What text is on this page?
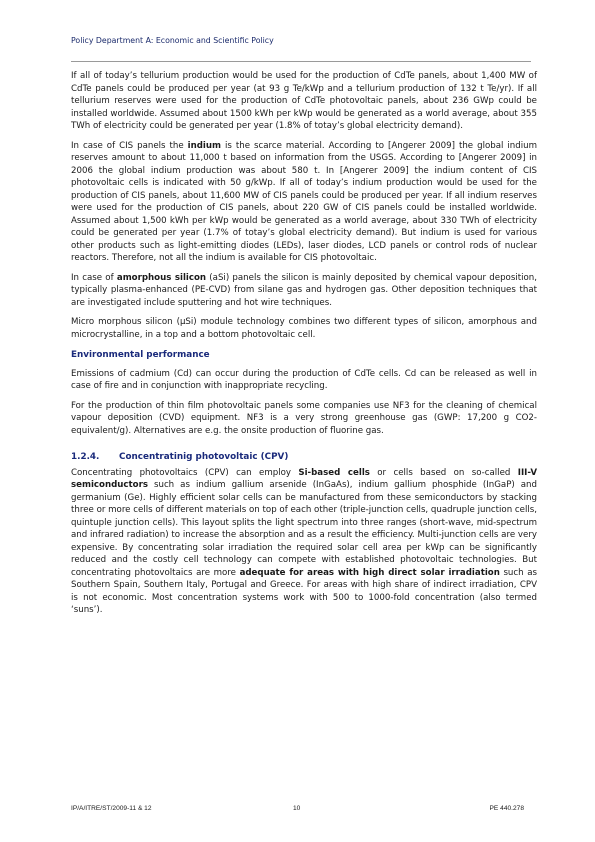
Policy Department A: Economic and Scientific Policy

If all of today’s tellurium production would be used for the production of CdTe panels, about 1,400 MW of CdTe panels could be produced per year (at 93 g Te/kWp and a tellurium production of 132 t Te/yr). If all tellurium reserves were used for the production of CdTe photovoltaic panels, about 236 GWp could be installed worldwide. Assumed about 1500 kWh per kWp would be generated as a world average, about 355 TWh of electricity could be generated per year (1.8% of totay’s global electricity demand).

In case of CIS panels the indium is the scarce material. According to [Angerer 2009] the global indium reserves amount to about 11,000 t based on information from the USGS. According to [Angerer 2009] in 2006 the global indium production was about 580 t. In [Angerer 2009] the indium content of CIS photovoltaic cells is indicated with 50 g/kWp. If all of today’s indium production would be used for the production of CIS panels, about 11,600 MW of CIS panels could be produced per year. If all indium reserves were used for the production of CIS panels, about 220 GW of CIS panels could be installed worldwide. Assumed about 1,500 kWh per kWp would be generated as a world average, about 330 TWh of electricity could be generated per year (1.7% of totay’s global electricity demand). But indium is used for various other products such as light-emitting diodes (LEDs), laser diodes, LCD panels or control rods of nuclear reactors. Therefore, not all the indium is available for CIS photovoltaic.

In case of amorphous silicon (aSi) panels the silicon is mainly deposited by chemical vapour deposition, typically plasma-enhanced (PE-CVD) from silane gas and hydrogen gas. Other deposition techniques that are investigated include sputtering and hot wire techniques.

Micro morphous silicon (μSi) module technology combines two different types of silicon, amorphous and microcrystalline, in a top and a bottom photovoltaic cell.

Environmental performance

Emissions of cadmium (Cd) can occur during the production of CdTe cells. Cd can be released as well in case of fire and in conjunction with inappropriate recycling.

For the production of thin film photovoltaic panels some companies use NF3 for the cleaning of chemical vapour deposition (CVD) equipment. NF3 is a very strong greenhouse gas (GWP: 17,200 g CO2-equivalent/g). Alternatives are e.g. the onsite production of fluorine gas.

1.2.4. Concentratinig photovoltaic (CPV)

Concentrating photovoltaics (CPV) can employ Si-based cells or cells based on so-called III-V semiconductors such as indium gallium arsenide (InGaAs), indium gallium phosphide (InGaP) and germanium (Ge). Highly efficient solar cells can be manufactured from these semiconductors by stacking three or more cells of different materials on top of each other (triple-junction cells, quadruple junction cells, quintuple junction cells). This layout splits the light spectrum into three ranges (short-wave, mid-spectrum and infrared radiation) to increase the absorption and as a result the efficiency. Multi-junction cells are very expensive. By concentrating solar irradiation the required solar cell area per kWp can be significantly reduced and the costly cell technology can compete with established photovoltaic technologies. But concentrating photovoltaics are more adequate for areas with high direct solar irradiation such as Southern Spain, Southern Italy, Portugal and Greece. For areas with high share of indirect irradiation, CPV is not economic. Most concentration systems work with 500 to 1000-fold concentration (also termed ‘suns’).

IP/A/ITRE/ST/2009-11 & 12	10	PE 440.278
